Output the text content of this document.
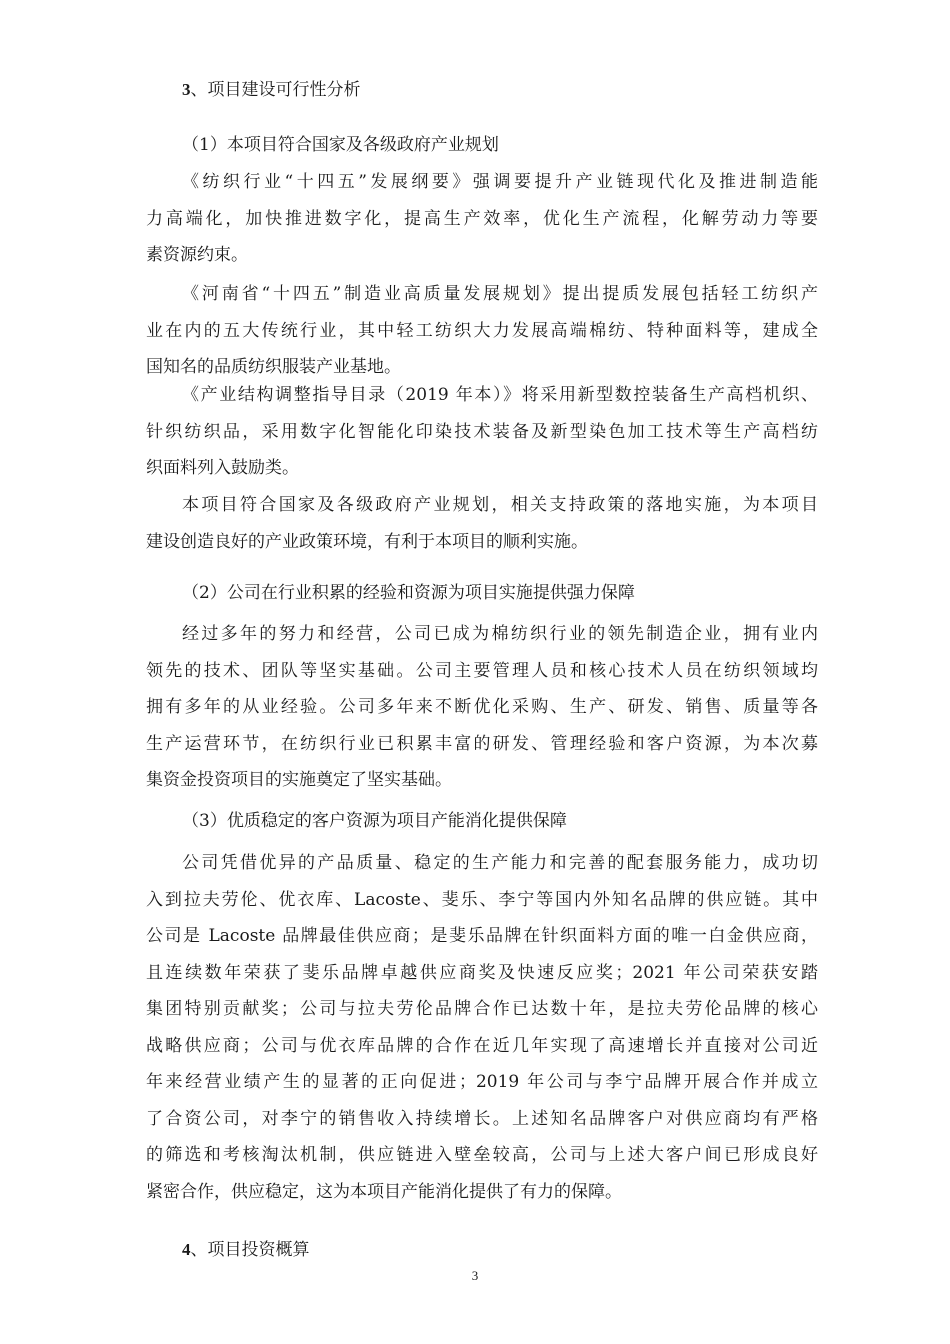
3、项目建设可行性分析
（1）本项目符合国家及各级政府产业规划
《纺织行业“十四五”发展纲要》强调要提升产业链现代化及推进制造能
力高端化，加快推进数字化，提高生产效率，优化生产流程，化解劳动力等要
素资源约束。
《河南省“十四五”制造业高质量发展规划》提出提质发展包括轻工纺织产
业在内的五大传统行业，其中轻工纺织大力发展高端棉纺、特种面料等，建成全
国知名的品质纺织服装产业基地。
《产业结构调整指导目录（2019 年本）》将采用新型数控装备生产高档机织、
针织纺织品，采用数字化智能化印染技术装备及新型染色加工技术等生产高档纺
织面料列入鼓励类。
本项目符合国家及各级政府产业规划，相关支持政策的落地实施，为本项目
建设创造良好的产业政策环境，有利于本项目的顺利实施。
（2）公司在行业积累的经验和资源为项目实施提供强力保障
经过多年的努力和经营，公司已成为棉纺织行业的领先制造企业，拥有业内
领先的技术、团队等坚实基础。公司主要管理人员和核心技术人员在纺织领域均
拥有多年的从业经验。公司多年来不断优化采购、生产、研发、销售、质量等各
生产运营环节，在纺织行业已积累丰富的研发、管理经验和客户资源，为本次募
集资金投资项目的实施奠定了坚实基础。
（3）优质稳定的客户资源为项目产能消化提供保障
公司凭借优异的产品质量、稳定的生产能力和完善的配套服务能力，成功切
入到拉夫劳伦、优衣库、Lacoste、斐乐、李宁等国内外知名品牌的供应链。其中
公司是 Lacoste 品牌最佳供应商；是斐乐品牌在针织面料方面的唯一白金供应商，
且连续数年荣获了斐乐品牌卓越供应商奖及快速反应奖；2021 年公司荣获安踏
集团特别贡献奖；公司与拉夫劳伦品牌合作已达数十年，是拉夫劳伦品牌的核心
战略供应商；公司与优衣库品牌的合作在近几年实现了高速增长并直接对公司近
年来经营业绩产生的显著的正向促进；2019 年公司与李宁品牌开展合作并成立
了合资公司，对李宁的销售收入持续增长。上述知名品牌客户对供应商均有严格
的筛选和考核淘汰机制，供应链进入壁垒较高，公司与上述大客户间已形成良好
紧密合作，供应稳定，这为本项目产能消化提供了有力的保障。
4、项目投资概算
3
